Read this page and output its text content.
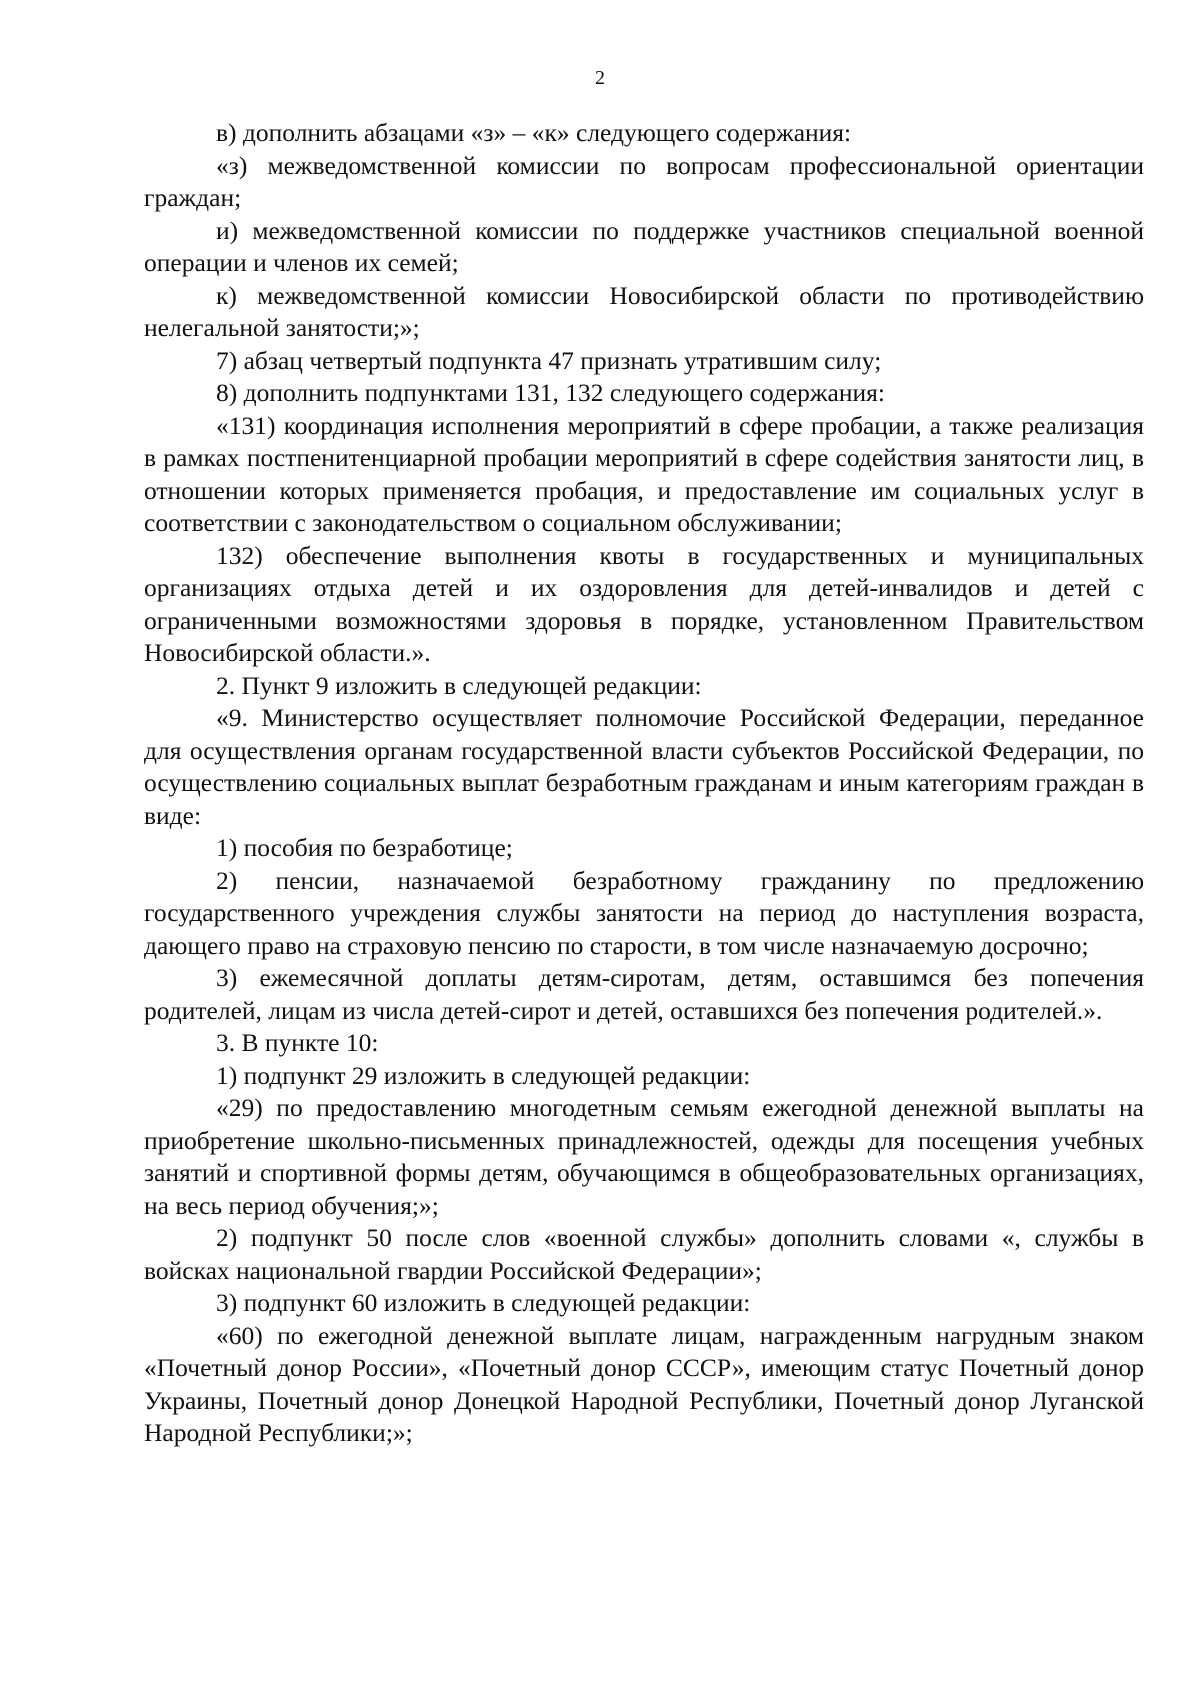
2

в) дополнить абзацами «з» – «к» следующего содержания:

«з) межведомственной комиссии по вопросам профессиональной ориентации граждан;

и) межведомственной комиссии по поддержке участников специальной военной операции и членов их семей;

к) межведомственной комиссии Новосибирской области по противодействию нелегальной занятости;»;

7) абзац четвертый подпункта 47 признать утратившим силу;

8) дополнить подпунктами 131, 132 следующего содержания:

«131) координация исполнения мероприятий в сфере пробации, а также реализация в рамках постпенитенциарной пробации мероприятий в сфере содействия занятости лиц, в отношении которых применяется пробация, и предоставление им социальных услуг в соответствии с законодательством о социальном обслуживании;

132) обеспечение выполнения квоты в государственных и муниципальных организациях отдыха детей и их оздоровления для детей-инвалидов и детей с ограниченными возможностями здоровья в порядке, установленном Правительством Новосибирской области.».

2. Пункт 9 изложить в следующей редакции:

«9. Министерство осуществляет полномочие Российской Федерации, переданное для осуществления органам государственной власти субъектов Российской Федерации, по осуществлению социальных выплат безработным гражданам и иным категориям граждан в виде:

1) пособия по безработице;

2) пенсии, назначаемой безработному гражданину по предложению государственного учреждения службы занятости на период до наступления возраста, дающего право на страховую пенсию по старости, в том числе назначаемую досрочно;

3) ежемесячной доплаты детям-сиротам, детям, оставшимся без попечения родителей, лицам из числа детей-сирот и детей, оставшихся без попечения родителей.».

3. В пункте 10:

1) подпункт 29 изложить в следующей редакции:

«29) по предоставлению многодетным семьям ежегодной денежной выплаты на приобретение школьно-письменных принадлежностей, одежды для посещения учебных занятий и спортивной формы детям, обучающимся в общеобразовательных организациях, на весь период обучения;»;

2) подпункт 50 после слов «военной службы» дополнить словами «, службы в войсках национальной гвардии Российской Федерации»;

3) подпункт 60 изложить в следующей редакции:

«60) по ежегодной денежной выплате лицам, награжденным нагрудным знаком «Почетный донор России», «Почетный донор СССР», имеющим статус Почетный донор Украины, Почетный донор Донецкой Народной Республики, Почетный донор Луганской Народной Республики;»;
